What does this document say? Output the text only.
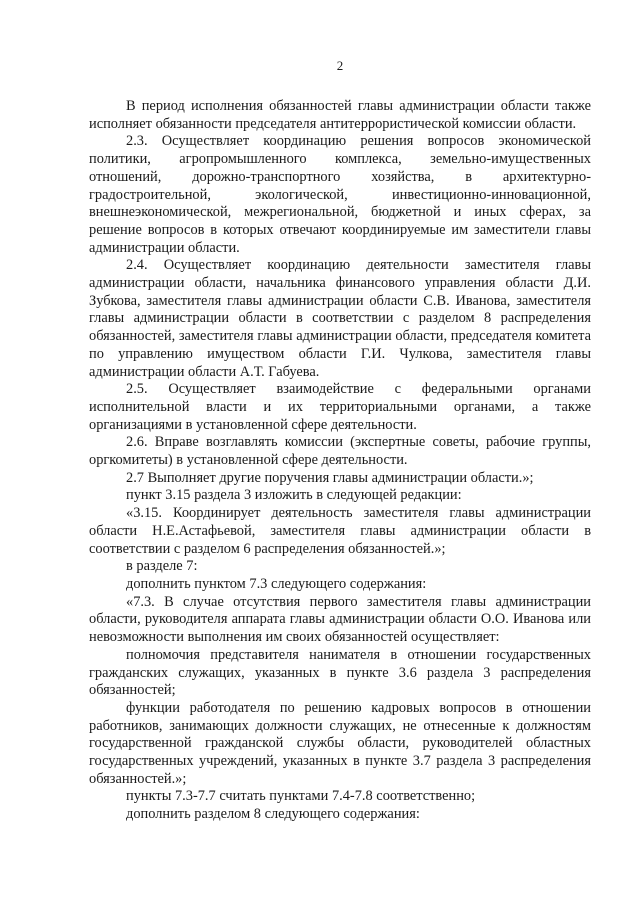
2

В период исполнения обязанностей главы администрации области также исполняет обязанности председателя антитеррористической комиссии области.

2.3. Осуществляет координацию решения вопросов экономической политики, агропромышленного комплекса, земельно-имущественных отношений, дорожно-транспортного хозяйства, в архитектурно-градостроительной, экологической, инвестиционно-инновационной, внешнеэкономической, межрегиональной, бюджетной и иных сферах, за решение вопросов в которых отвечают координируемые им заместители главы администрации области.

2.4. Осуществляет координацию деятельности заместителя главы администрации области, начальника финансового управления области Д.И. Зубкова, заместителя главы администрации области С.В. Иванова, заместителя главы администрации области в соответствии с разделом 8 распределения обязанностей, заместителя главы администрации области, председателя комитета по управлению имуществом области Г.И. Чулкова, заместителя главы администрации области А.Т. Габуева.

2.5. Осуществляет взаимодействие с федеральными органами исполнительной власти и их территориальными органами, а также организациями в установленной сфере деятельности.

2.6. Вправе возглавлять комиссии (экспертные советы, рабочие группы, оргкомитеты) в установленной сфере деятельности.

2.7 Выполняет другие поручения главы администрации области.»;

пункт 3.15 раздела 3 изложить в следующей редакции:

«3.15. Координирует деятельность заместителя главы администрации области Н.Е.Астафьевой, заместителя главы администрации области в соответствии с разделом 6 распределения обязанностей.»;

в разделе 7:

дополнить пунктом 7.3 следующего содержания:

«7.3. В случае отсутствия первого заместителя главы администрации области, руководителя аппарата главы администрации области О.О. Иванова или невозможности выполнения им своих обязанностей осуществляет:

полномочия представителя нанимателя в отношении государственных гражданских служащих, указанных в пункте 3.6 раздела 3 распределения обязанностей;

функции работодателя по решению кадровых вопросов в отношении работников, занимающих должности служащих, не отнесенные к должностям государственной гражданской службы области, руководителей областных государственных учреждений, указанных в пункте 3.7 раздела 3 распределения обязанностей.»;

пункты 7.3-7.7 считать пунктами 7.4-7.8 соответственно;

дополнить разделом 8 следующего содержания:
